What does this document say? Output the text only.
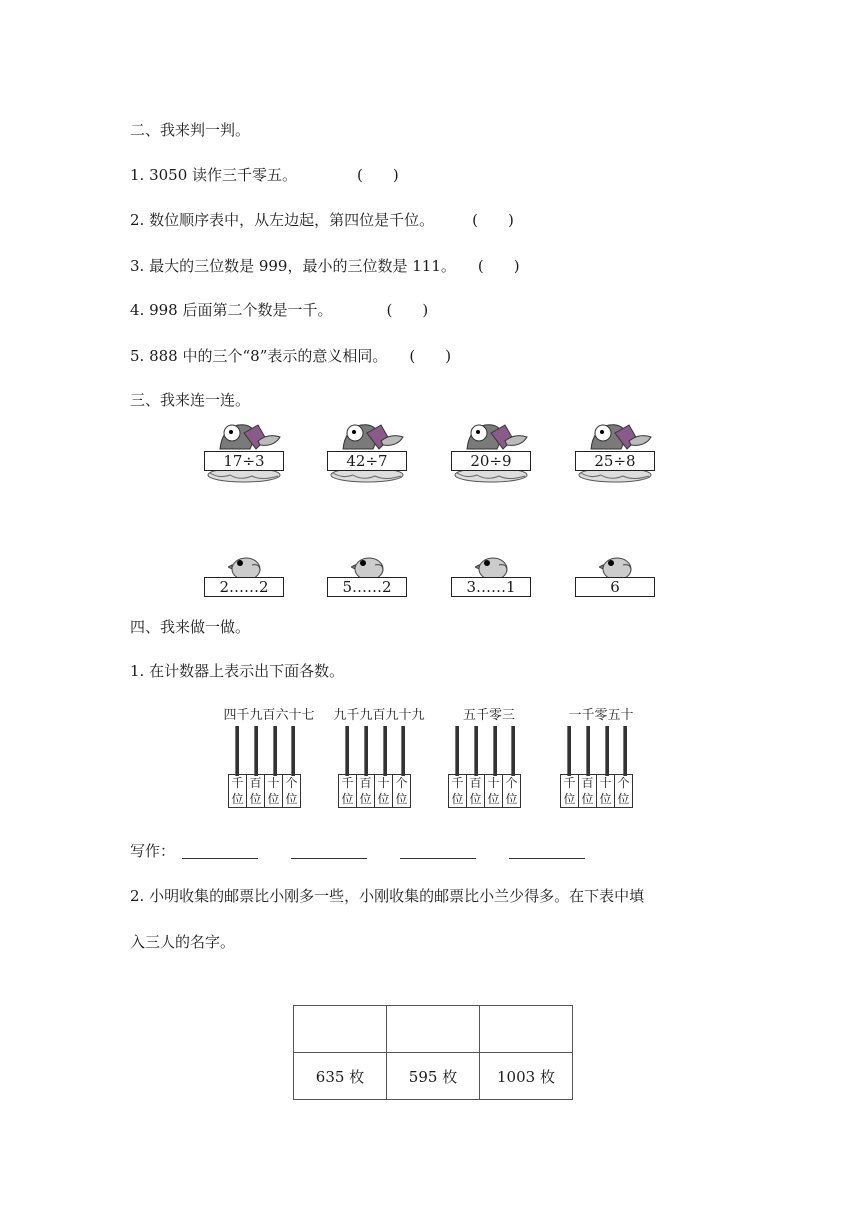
二、我来判一判。
1. 3050 读作三千零五。	(　　)
2. 数位顺序表中，从左边起，第四位是千位。	(　　)
3. 最大的三位数是 999，最小的三位数是 111。 (　　)
4. 998 后面第二个数是一千。	(　　)
5. 888 中的三个“8”表示的意义相同。 (　　)
三、我来连一连。
17÷3	42÷7	20÷9	25÷8
2……2	5……2	3……1	6
四、我来做一做。
1. 在计数器上表示出下面各数。
四千九百六十七
千
位
百
位
十
位
个
位
九千九百九十九
千
位
百
位
十
位
个
位
五千零三
千
位
百
位
十
位
个
位
一千零五十
千
位
百
位
十
位
个
位
写作：
2. 小明收集的邮票比小刚多一些，小刚收集的邮票比小兰少得多。在下表中填
入三人的名字。

635 枚	595 枚	1003 枚
